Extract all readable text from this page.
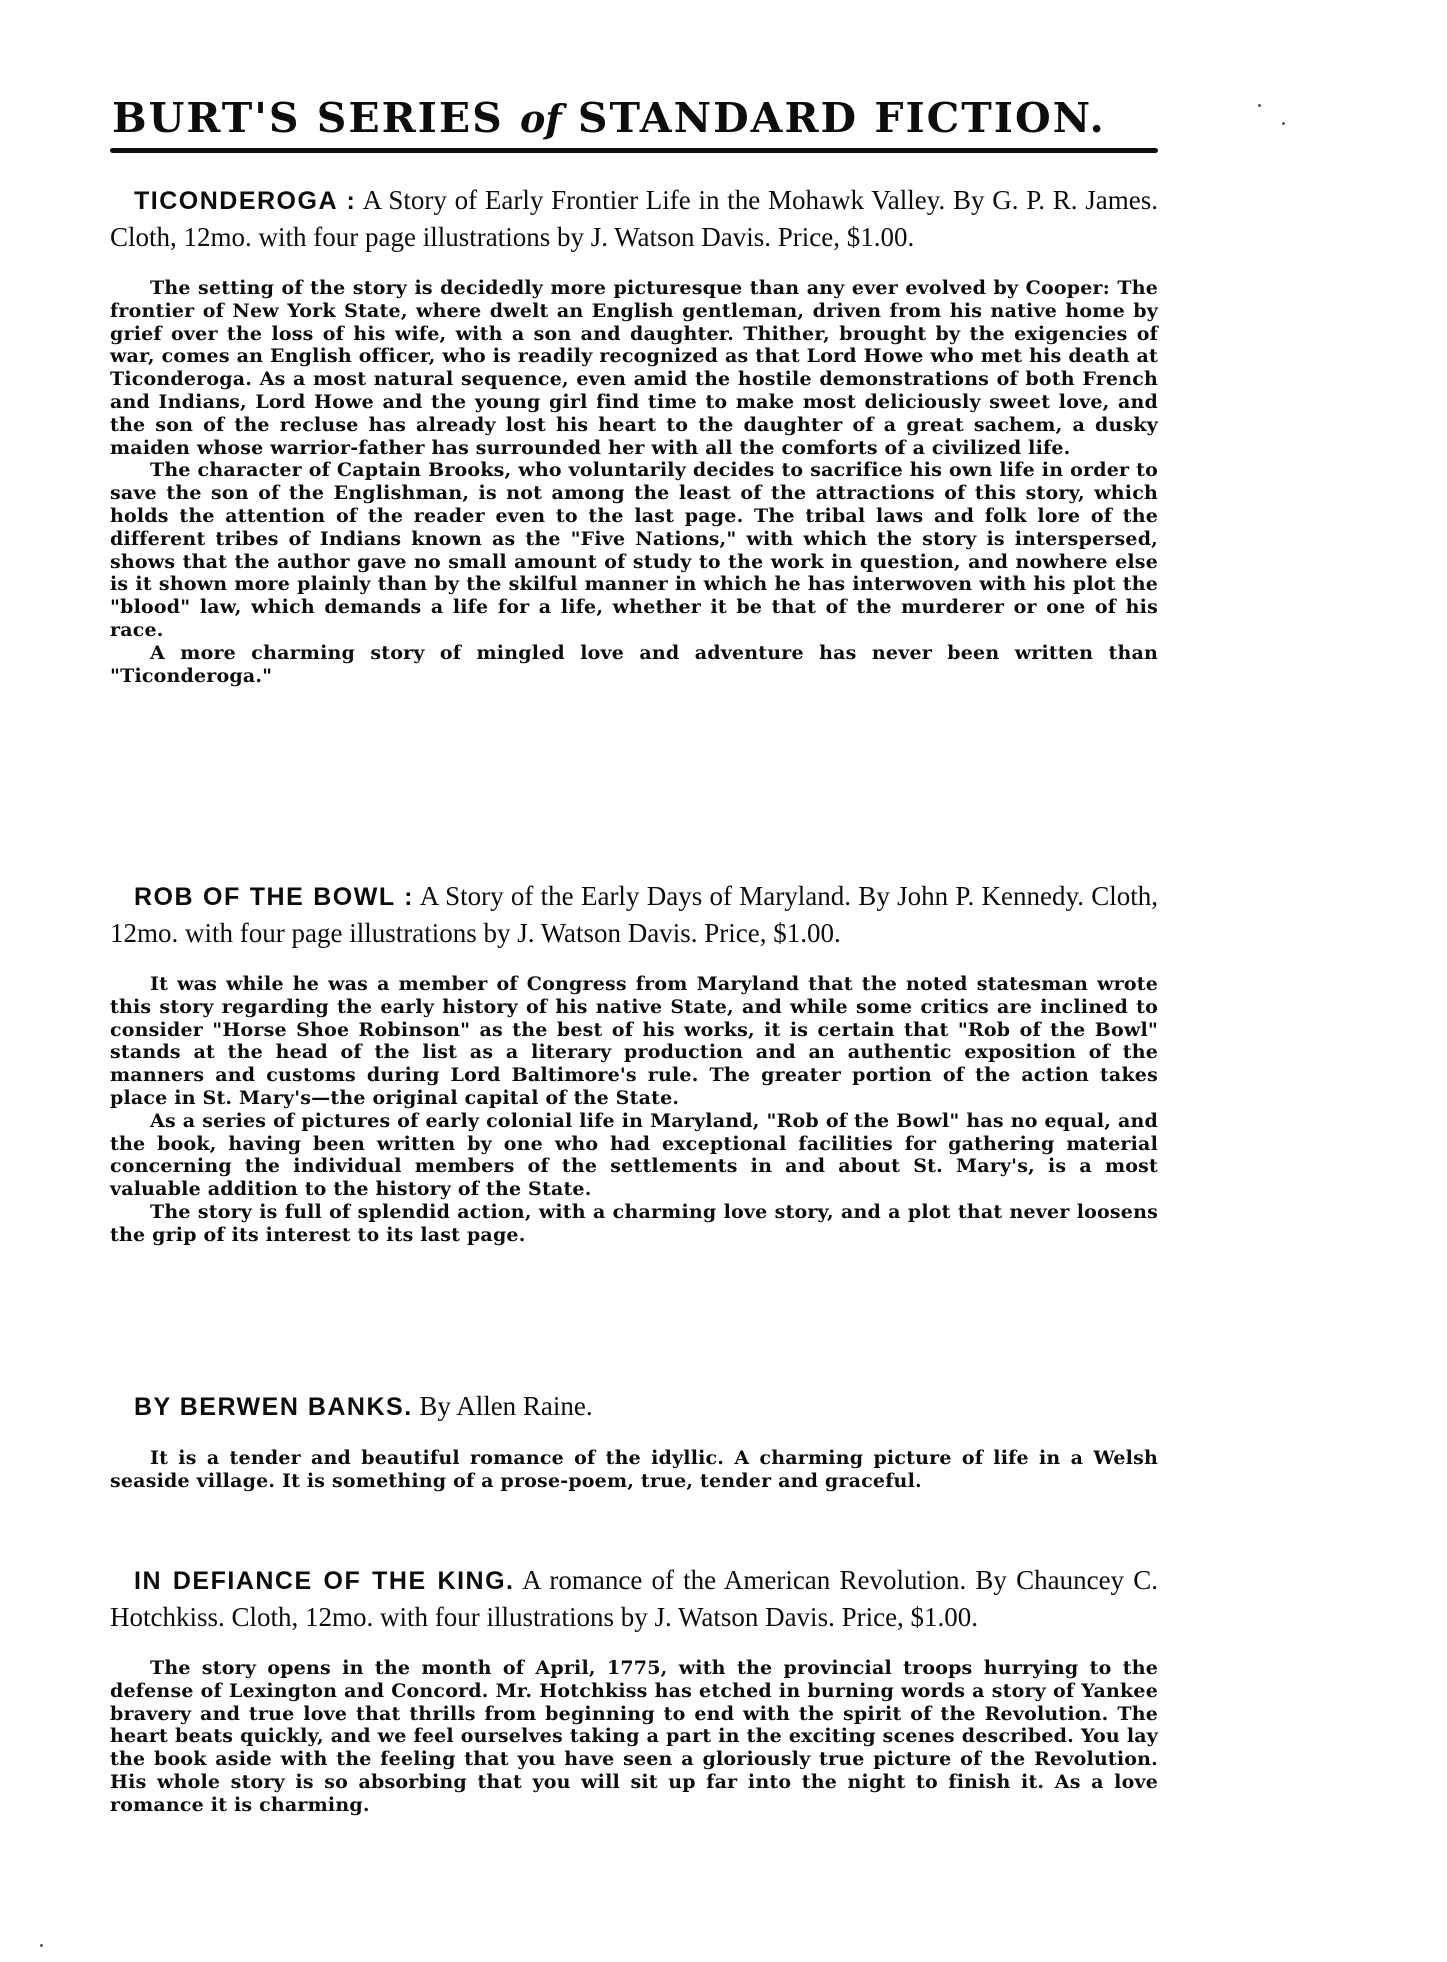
BURT'S SERIES of STANDARD FICTION.
TICONDEROGA : A Story of Early Frontier Life in the Mohawk Valley. By G. P. R. James. Cloth, 12mo. with four page illustrations by J. Watson Davis. Price, $1.00.

The setting of the story is decidedly more picturesque than any ever evolved by Cooper: The frontier of New York State, where dwelt an English gentleman, driven from his native home by grief over the loss of his wife, with a son and daughter. Thither, brought by the exigencies of war, comes an English officer, who is readily recognized as that Lord Howe who met his death at Ticonderoga. As a most natural sequence, even amid the hostile demonstrations of both French and Indians, Lord Howe and the young girl find time to make most deliciously sweet love, and the son of the recluse has already lost his heart to the daughter of a great sachem, a dusky maiden whose warrior-father has surrounded her with all the comforts of a civilized life.

The character of Captain Brooks, who voluntarily decides to sacrifice his own life in order to save the son of the Englishman, is not among the least of the attractions of this story, which holds the attention of the reader even to the last page. The tribal laws and folk lore of the different tribes of Indians known as the "Five Nations," with which the story is interspersed, shows that the author gave no small amount of study to the work in question, and nowhere else is it shown more plainly than by the skilful manner in which he has interwoven with his plot the "blood" law, which demands a life for a life, whether it be that of the murderer or one of his race.

A more charming story of mingled love and adventure has never been written than "Ticonderoga."

ROB OF THE BOWL : A Story of the Early Days of Maryland. By John P. Kennedy. Cloth, 12mo. with four page illustrations by J. Watson Davis. Price, $1.00.

It was while he was a member of Congress from Maryland that the noted statesman wrote this story regarding the early history of his native State, and while some critics are inclined to consider "Horse Shoe Robinson" as the best of his works, it is certain that "Rob of the Bowl" stands at the head of the list as a literary production and an authentic exposition of the manners and customs during Lord Baltimore's rule. The greater portion of the action takes place in St. Mary's—the original capital of the State.

As a series of pictures of early colonial life in Maryland, "Rob of the Bowl" has no equal, and the book, having been written by one who had exceptional facilities for gathering material concerning the individual members of the settlements in and about St. Mary's, is a most valuable addition to the history of the State.

The story is full of splendid action, with a charming love story, and a plot that never loosens the grip of its interest to its last page.

BY BERWEN BANKS. By Allen Raine.

It is a tender and beautiful romance of the idyllic. A charming picture of life in a Welsh seaside village. It is something of a prose-poem, true, tender and graceful.

IN DEFIANCE OF THE KING. A romance of the American Revolution. By Chauncey C. Hotchkiss. Cloth, 12mo. with four illustrations by J. Watson Davis. Price, $1.00.

The story opens in the month of April, 1775, with the provincial troops hurrying to the defense of Lexington and Concord. Mr. Hotchkiss has etched in burning words a story of Yankee bravery and true love that thrills from beginning to end with the spirit of the Revolution. The heart beats quickly, and we feel ourselves taking a part in the exciting scenes described. You lay the book aside with the feeling that you have seen a gloriously true picture of the Revolution. His whole story is so absorbing that you will sit up far into the night to finish it. As a love romance it is charming.
